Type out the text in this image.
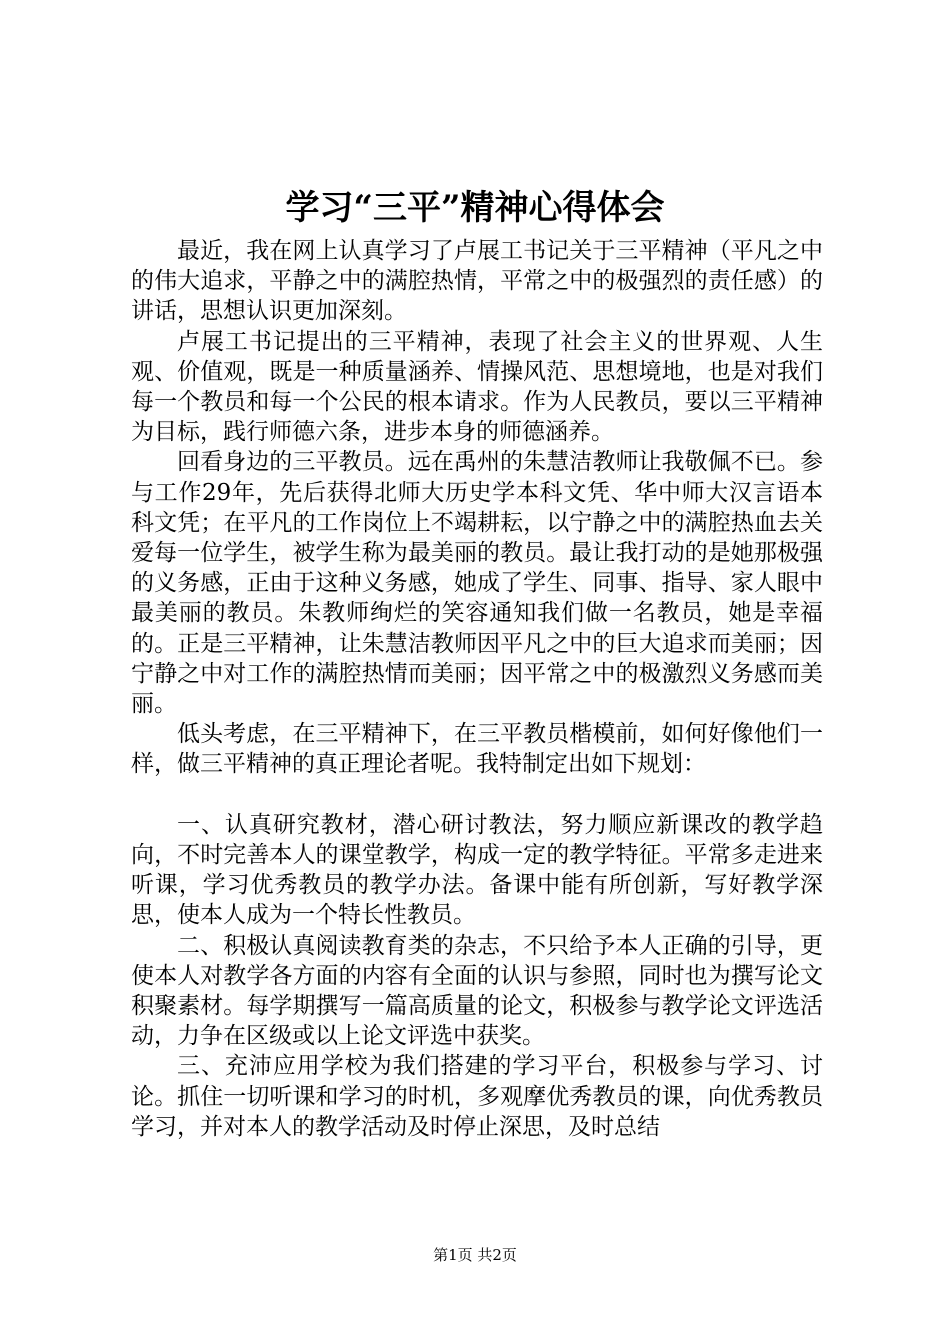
学习“三平”精神心得体会

最近，我在网上认真学习了卢展工书记关于三平精神（平凡之中的伟大追求，平静之中的满腔热情，平常之中的极强烈的责任感）的讲话，思想认识更加深刻。

卢展工书记提出的三平精神，表现了社会主义的世界观、人生观、价值观，既是一种质量涵养、情操风范、思想境地，也是对我们每一个教员和每一个公民的根本请求。作为人民教员，要以三平精神为目标，践行师德六条，进步本身的师德涵养。

回看身边的三平教员。远在禹州的朱慧洁教师让我敬佩不已。参与工作29年，先后获得北师大历史学本科文凭、华中师大汉言语本科文凭；在平凡的工作岗位上不竭耕耘，以宁静之中的满腔热血去关爱每一位学生，被学生称为最美丽的教员。最让我打动的是她那极强的义务感，正由于这种义务感，她成了学生、同事、指导、家人眼中最美丽的教员。朱教师绚烂的笑容通知我们做一名教员，她是幸福的。正是三平精神，让朱慧洁教师因平凡之中的巨大追求而美丽；因宁静之中对工作的满腔热情而美丽；因平常之中的极激烈义务感而美丽。

低头考虑，在三平精神下，在三平教员楷模前，如何好像他们一样，做三平精神的真正理论者呢。我特制定出如下规划：

一、认真研究教材，潜心研讨教法，努力顺应新课改的教学趋向，不时完善本人的课堂教学，构成一定的教学特征。平常多走进来听课，学习优秀教员的教学办法。备课中能有所创新，写好教学深思，使本人成为一个特长性教员。

二、积极认真阅读教育类的杂志，不只给予本人正确的引导，更使本人对教学各方面的内容有全面的认识与参照，同时也为撰写论文积聚素材。每学期撰写一篇高质量的论文，积极参与教学论文评选活动，力争在区级或以上论文评选中获奖。

三、充沛应用学校为我们搭建的学习平台，积极参与学习、讨论。抓住一切听课和学习的时机，多观摩优秀教员的课，向优秀教员学习，并对本人的教学活动及时停止深思，及时总结

第1页 共2页
